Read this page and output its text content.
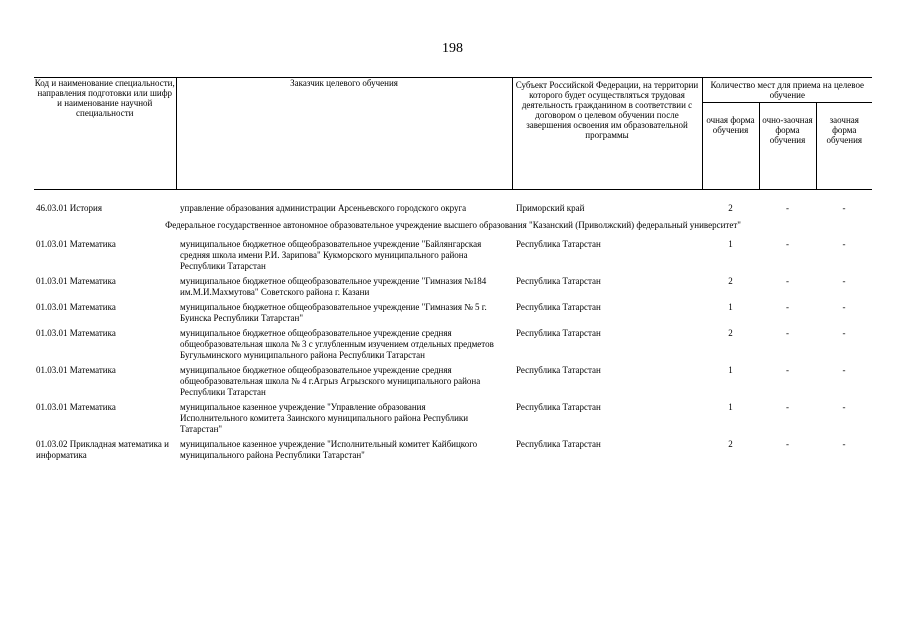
198
Код и наименование специальности, направления подготовки или шифр и наименование научной специальности	Заказчик целевого обучения	Субъект Российской Федерации, на территории которого будет осуществляться трудовая деятельность гражданином в соответствии с договором о целевом обучении после завершения освоения им образовательной программы	Количество мест для приема на целевое обучение		
			очная форма обучения	очно-заочная форма обучения	заочная форма обучения

46.03.01 История	управление образования администрации Арсеньевского городского округа	Приморский край	2	-	-
Федеральное государственное автономное образовательное учреждение высшего образования "Казанский (Приволжский) федеральный университет"					
01.03.01 Математика	муниципальное бюджетное общеобразовательное учреждение "Байлянгарская средняя школа имени Р.И. Зарипова" Кукморского муниципального района Республики Татарстан	Республика Татарстан	1	-	-
01.03.01 Математика	муниципальное бюджетное общеобразовательное учреждение "Гимназия №184 им.М.И.Махмутова" Советского района г. Казани	Республика Татарстан	2	-	-
01.03.01 Математика	муниципальное бюджетное общеобразовательное учреждение "Гимназия № 5 г. Буинска Республики Татарстан"	Республика Татарстан	1	-	-
01.03.01 Математика	муниципальное бюджетное общеобразовательное учреждение средняя общеобразовательная школа № 3 с углубленным изучением отдельных предметов Бугульминского муниципального района Республики Татарстан	Республика Татарстан	2	-	-
01.03.01 Математика	муниципальное бюджетное общеобразовательное учреждение средняя общеобразовательная школа № 4 г.Агрыз Агрызского муниципального района Республики Татарстан	Республика Татарстан	1	-	-
01.03.01 Математика	муниципальное казенное учреждение "Управление образования Исполнительного комитета Заинского муниципального района Республики Татарстан"	Республика Татарстан	1	-	-
01.03.02 Прикладная математика и информатика	муниципальное казенное учреждение "Исполнительный комитет Кайбицкого муниципального района Республики Татарстан"	Республика Татарстан	2	-	-
